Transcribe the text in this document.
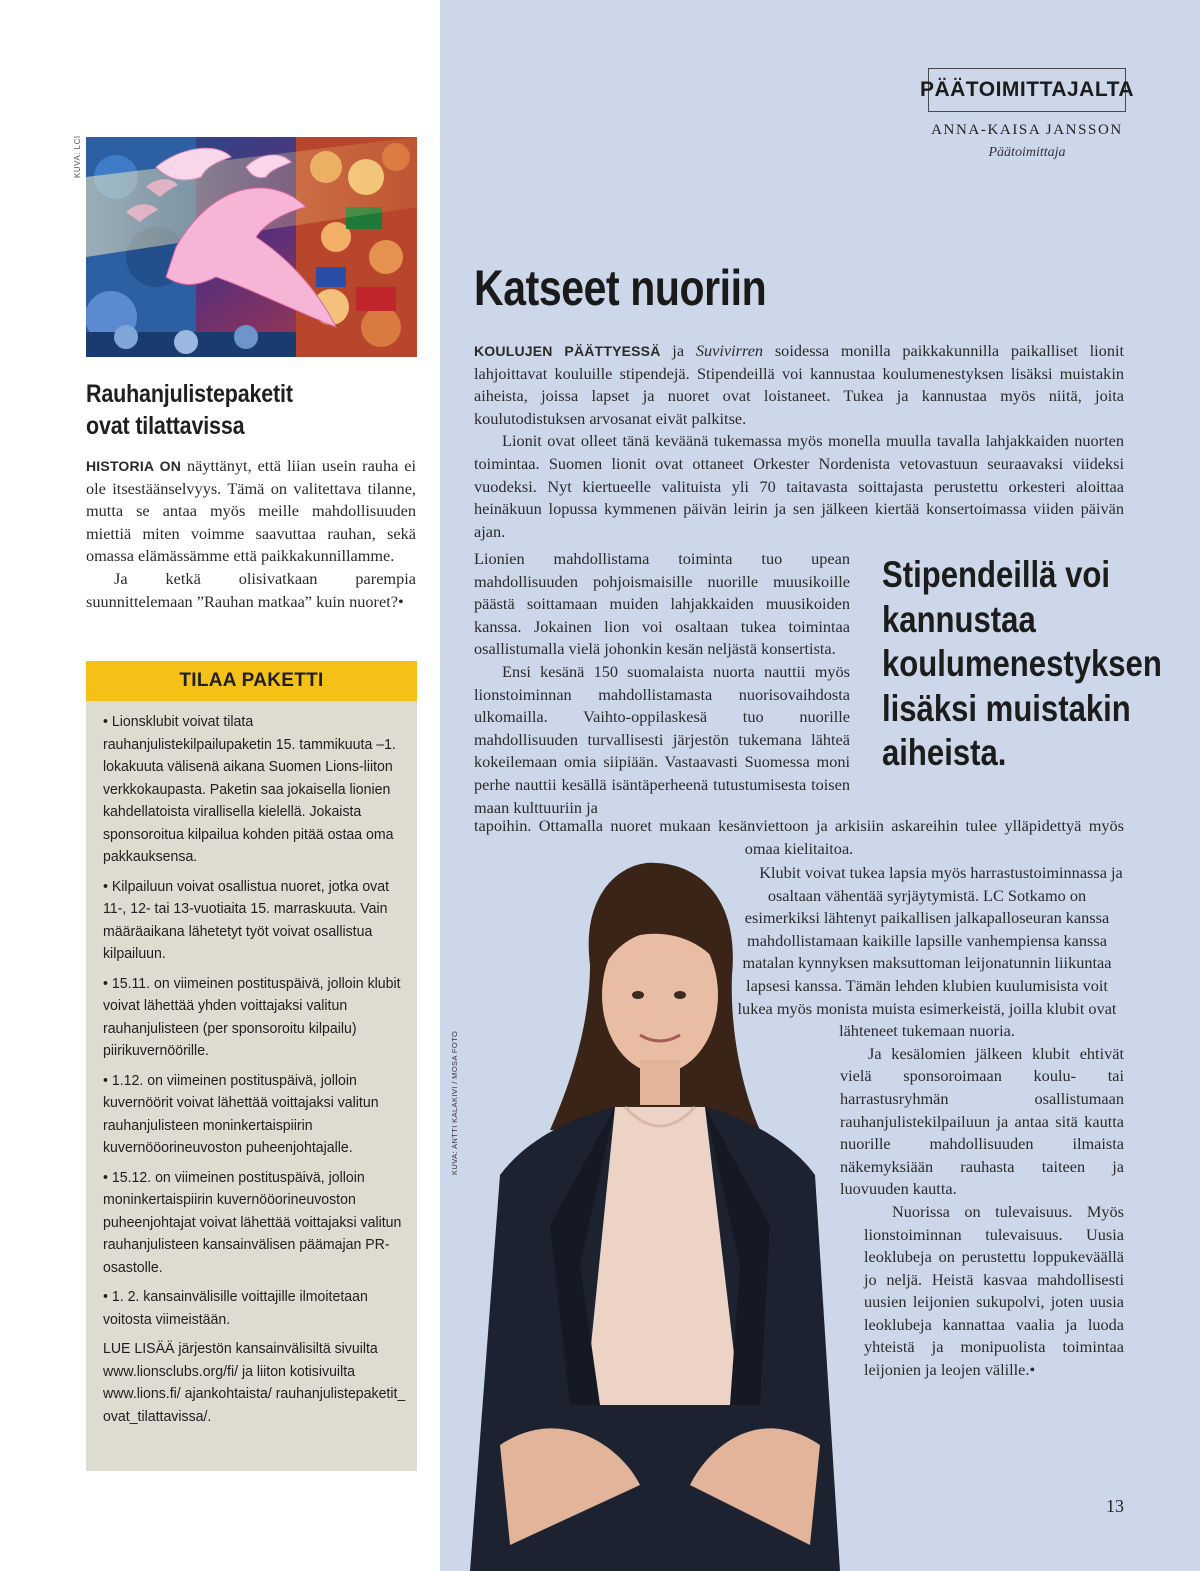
KUVA: LCI
Rauhanjulistepaketit
ovat tilattavissa

HISTORIA ON näyttänyt, että liian usein rauha ei ole itsestäänselvyys. Tämä on valitettava tilanne, mutta se antaa myös meille mahdollisuuden miettiä miten voimme saavuttaa rauhan, sekä omassa elämässämme että paikkakunnillamme.

Ja ketkä olisivatkaan parempia suunnittelemaan ”Rauhan matkaa” kuin nuoret?•

TILAA PAKETTI
• Lionsklubit voivat tilata rauhanjulistekilpailupaketin 15. tammikuuta –1. lokakuuta välisenä aikana Suomen Lions-liiton verkkokaupasta. Paketin saa jokaisella lionien kahdellatoista virallisella kielellä. Jokaista sponsoroitua kilpailua kohden pitää ostaa oma pakkauksensa.
• Kilpailuun voivat osallistua nuoret, jotka ovat 11-, 12- tai 13-vuotiaita 15. marraskuuta. Vain määräaikana lähetetyt työt voivat osallistua kilpailuun.
• 15.11. on viimeinen postituspäivä, jolloin klubit voivat lähettää yhden voittajaksi valitun rauhanjulisteen (per sponsoroitu kilpailu) piirikuvernöörille.
• 1.12. on viimeinen postituspäivä, jolloin kuvernöörit voivat lähettää voittajaksi valitun rauhanjulisteen moninkertaispiirin kuvernööorineuvoston puheenjohtajalle.
• 15.12. on viimeinen postituspäivä, jolloin moninkertaispiirin kuvernööorineuvoston puheenjohtajat voivat lähettää voittajaksi valitun rauhanjulisteen kansainvälisen päämajan PR-osastolle.
• 1. 2. kansainvälisille voittajille ilmoitetaan voitosta viimeistään.
LUE LISÄÄ järjestön kansainvälisiltä sivuilta www.lionsclubs.org/fi/ ja liiton kotisivuilta www.lions.fi/ ajankohtaista/ rauhanjulistepaketit_ ovat_tilattavissa/.
PÄÄTOIMITTAJALTA
ANNA-KAISA JANSSON
Päätoimittaja
Katseet nuoriin

KOULUJEN PÄÄTTYESSÄ ja Suvivirren soidessa monilla paikkakunnilla paikalliset lionit lahjoittavat kouluille stipendejä. Stipendeillä voi kannustaa koulumenestyksen lisäksi muistakin aiheista, joissa lapset ja nuoret ovat loistaneet. Tukea ja kannustaa myös niitä, joita koulutodistuksen arvosanat eivät palkitse.

Lionit ovat olleet tänä keväänä tukemassa myös monella muulla tavalla lahjakkaiden nuorten toimintaa. Suomen lionit ovat ottaneet Orkester Nordenista vetovastuun seuraavaksi viideksi vuodeksi. Nyt kiertueelle valituista yli 70 taitavasta soittajasta perustettu orkesteri aloittaa heinäkuun lopussa kymmenen päivän leirin ja sen jälkeen kiertää konsertoimassa viiden päivän ajan.

Lionien mahdollistama toiminta tuo upean mahdollisuuden pohjoismaisille nuorille muusikoille päästä soittamaan muiden lahjakkaiden muusikoiden kanssa. Jokainen lion voi osaltaan tukea toimintaa osallistumalla vielä johonkin kesän neljästä konsertista.

Ensi kesänä 150 suomalaista nuorta nauttii myös lionstoiminnan mahdollistamasta nuorisovaihdosta ulkomailla. Vaihto-oppilaskesä tuo nuorille mahdollisuuden turvallisesti järjestön tukemana lähteä kokeilemaan omia siipiään. Vastaavasti Suomessa moni perhe nauttii kesällä isäntäperheenä tutustumisesta toisen maan kulttuuriin ja

Stipendeillä voi kannustaa koulumenestyksen lisäksi muistakin aiheista.
KUVA: ANTTI KALAKIVI / MOSA FOTO

tapoihin. Ottamalla nuoret mukaan kesänviettoon ja arkisiin askareihin tulee ylläpidettyä myös omaa kielitaitoa.

Klubit voivat tukea lapsia myös harrastustoiminnassa ja osaltaan vähentää syrjäytymistä. LC Sotkamo on esimerkiksi lähtenyt paikallisen jalkapalloseuran kanssa mahdollistamaan kaikille lapsille vanhempiensa kanssa matalan kynnyksen maksuttoman leijonatunnin liikuntaa lapsesi kanssa. Tämän lehden klubien kuulumisista voit lukea myös monista muista esimerkeistä, joilla klubit ovat lähteneet tukemaan nuoria.

Ja kesälomien jälkeen klubit ehtivät vielä sponsoroimaan koulu- tai harrastusryhmän osallistumaan rauhanjulistekilpailuun ja antaa sitä kautta nuorille mahdollisuuden ilmaista näkemyksiään rauhasta taiteen ja luovuuden kautta.

Nuorissa on tulevaisuus. Myös lionstoiminnan tulevaisuus. Uusia leoklubeja on perustettu loppukeväällä jo neljä. Heistä kasvaa mahdollisesti uusien leijonien sukupolvi, joten uusia leoklubeja kannattaa vaalia ja luoda yhteistä ja monipuolista toimintaa leijonien ja leojen välille.•

13
